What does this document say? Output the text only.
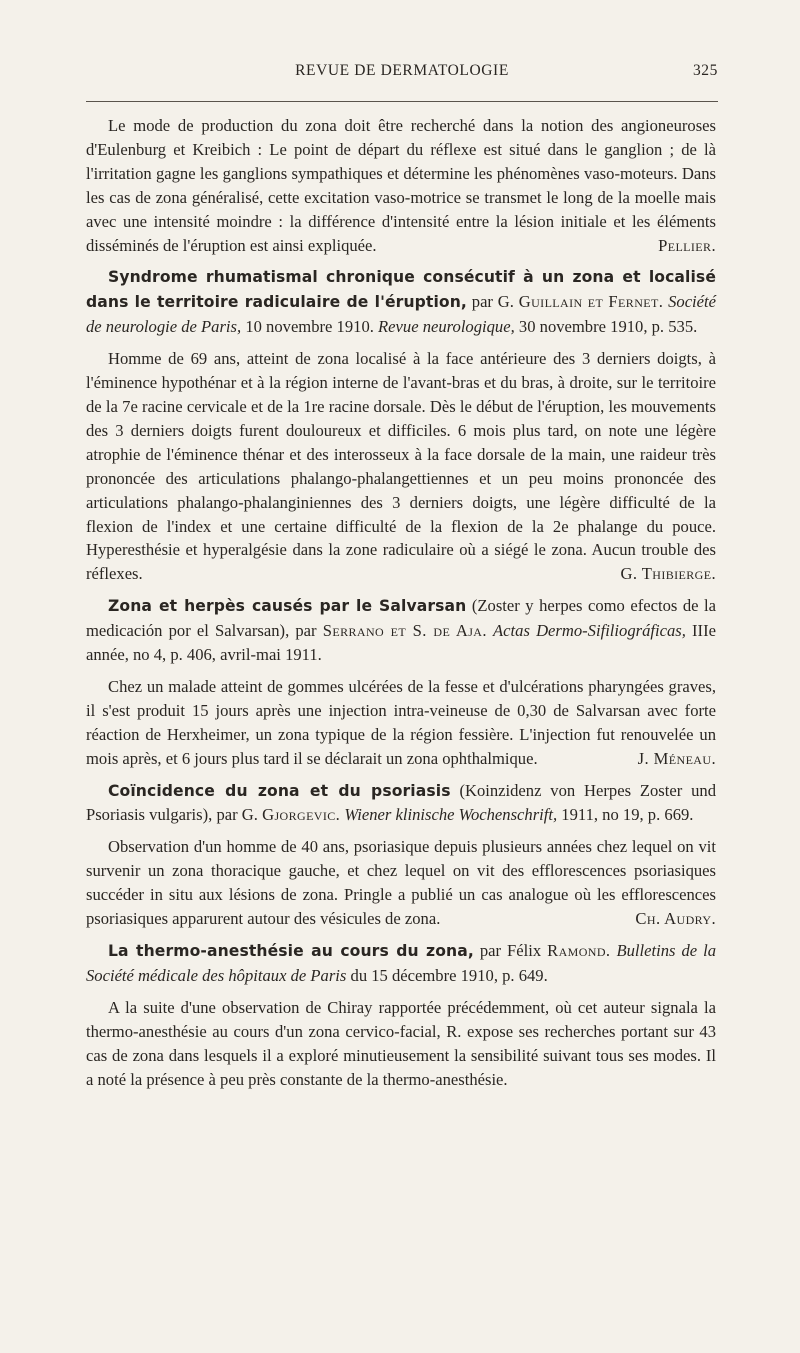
REVUE DE DERMATOLOGIE	325

Le mode de production du zona doit être recherché dans la notion des angioneuroses d'Eulenburg et Kreibich : Le point de départ du réflexe est situé dans le ganglion ; de là l'irritation gagne les ganglions sympathiques et détermine les phénomènes vaso-moteurs. Dans les cas de zona généralisé, cette excitation vaso-motrice se transmet le long de la moelle mais avec une intensité moindre : la différence d'intensité entre la lésion initiale et les éléments disséminés de l'éruption est ainsi expliquée.	Pellier.

Syndrome rhumatismal chronique consécutif à un zona et localisé dans le territoire radiculaire de l'éruption, par G. Guillain et Fernet. Société de neurologie de Paris, 10 novembre 1910. Revue neurologique, 30 novembre 1910, p. 535.

Homme de 69 ans, atteint de zona localisé à la face antérieure des 3 derniers doigts, à l'éminence hypothénar et à la région interne de l'avant-bras et du bras, à droite, sur le territoire de la 7e racine cervicale et de la 1re racine dorsale. Dès le début de l'éruption, les mouvements des 3 derniers doigts furent douloureux et difficiles. 6 mois plus tard, on note une légère atrophie de l'éminence thénar et des interosseux à la face dorsale de la main, une raideur très prononcée des articulations phalango-phalangettiennes et un peu moins prononcée des articulations phalango-phalanginiennes des 3 derniers doigts, une légère difficulté de la flexion de l'index et une certaine difficulté de la flexion de la 2e phalange du pouce. Hyperesthésie et hyperalgésie dans la zone radiculaire où a siégé le zona. Aucun trouble des réflexes.	G. Thibierge.

Zona et herpès causés par le Salvarsan (Zoster y herpes como efectos de la medicación por el Salvarsan), par Serrano et S. de Aja. Actas Dermo-Sifiliográficas, IIIe année, no 4, p. 406, avril-mai 1911.

Chez un malade atteint de gommes ulcérées de la fesse et d'ulcérations pharyngées graves, il s'est produit 15 jours après une injection intra-veineuse de 0,30 de Salvarsan avec forte réaction de Herxheimer, un zona typique de la région fessière. L'injection fut renouvelée un mois après, et 6 jours plus tard il se déclarait un zona ophthalmique.	J. Méneau.

Coïncidence du zona et du psoriasis (Koinzidenz von Herpes Zoster und Psoriasis vulgaris), par G. Gjorgevic. Wiener klinische Wochenschrift, 1911, no 19, p. 669.

Observation d'un homme de 40 ans, psoriasique depuis plusieurs années chez lequel on vit survenir un zona thoracique gauche, et chez lequel on vit des efflorescences psoriasiques succéder in situ aux lésions de zona. Pringle a publié un cas analogue où les efflorescences psoriasiques apparurent autour des vésicules de zona.	Ch. Audry.

La thermo-anesthésie au cours du zona, par Félix Ramond. Bulletins de la Société médicale des hôpitaux de Paris du 15 décembre 1910, p. 649.

A la suite d'une observation de Chiray rapportée précédemment, où cet auteur signala la thermo-anesthésie au cours d'un zona cervico-facial, R. expose ses recherches portant sur 43 cas de zona dans lesquels il a exploré minutieusement la sensibilité suivant tous ses modes. Il a noté la présence à peu près constante de la thermo-anesthésie.
